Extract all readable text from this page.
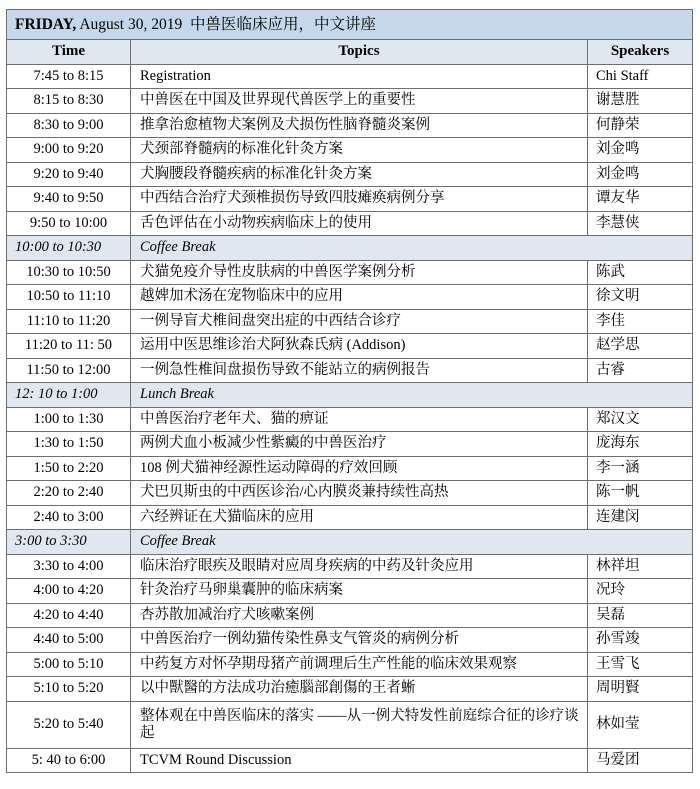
FRIDAY, August 30, 2019 中兽医临床应用，中文讲座		
Time	Topics	Speakers
7:45 to 8:15	Registration	Chi Staff
8:15 to 8:30	中兽医在中国及世界现代兽医学上的重要性	谢慧胜
8:30 to 9:00	推拿治愈植物犬案例及犬损伤性脑脊髓炎案例	何静荣
9:00 to 9:20	犬颈部脊髓病的标准化针灸方案	刘金鸣
9:20 to 9:40	犬胸腰段脊髓疾病的标准化针灸方案	刘金鸣
9:40 to 9:50	中西结合治疗犬颈椎损伤导致四肢瘫痪病例分享	谭友华
9:50 to 10:00	舌色评估在小动物疾病临床上的使用	李慧侠
10:00 to 10:30	Coffee Break	
10:30 to 10:50	犬猫免疫介导性皮肤病的中兽医学案例分析	陈武
10:50 to 11:10	越婢加术汤在宠物临床中的应用	徐文明
11:10 to 11:20	一例导盲犬椎间盘突出症的中西结合诊疗	李佳
11:20 to 11: 50	运用中医思维诊治犬阿狄森氏病 (Addison)	赵学思
11:50 to 12:00	一例急性椎间盘损伤导致不能站立的病例报告	古睿
12: 10 to 1:00	Lunch Break	
1:00 to 1:30	中兽医治疗老年犬、猫的痹证	郑汉文
1:30 to 1:50	两例犬血小板减少性紫癜的中兽医治疗	庞海东
1:50 to 2:20	108 例犬猫神经源性运动障碍的疗效回顾	李一涵
2:20 to 2:40	犬巴贝斯虫的中西医诊治/心内膜炎兼持续性高热	陈一帆
2:40 to 3:00	六经辨证在犬猫临床的应用	连建闵
3:00 to 3:30	Coffee Break	
3:30 to 4:00	临床治疗眼疾及眼睛对应周身疾病的中药及针灸应用	林祥坦
4:00 to 4:20	针灸治疗马卵巢囊肿的临床病案	况玲
4:20 to 4:40	杏苏散加减治疗犬咳嗽案例	吴磊
4:40 to 5:00	中兽医治疗一例幼猫传染性鼻支气管炎的病例分析	孙雪竣
5:00 to 5:10	中药复方对怀孕期母猪产前调理后生产性能的临床效果观察	王雪飞
5:10 to 5:20	以中獸醫的方法成功治癒腦部創傷的王者蜥	周明賢
5:20 to 5:40	整体观在中兽医临床的落实 ——从一例犬特发性前庭综合征的诊疗谈起	林如莹
5: 40 to 6:00	TCVM Round Discussion	马爱团
